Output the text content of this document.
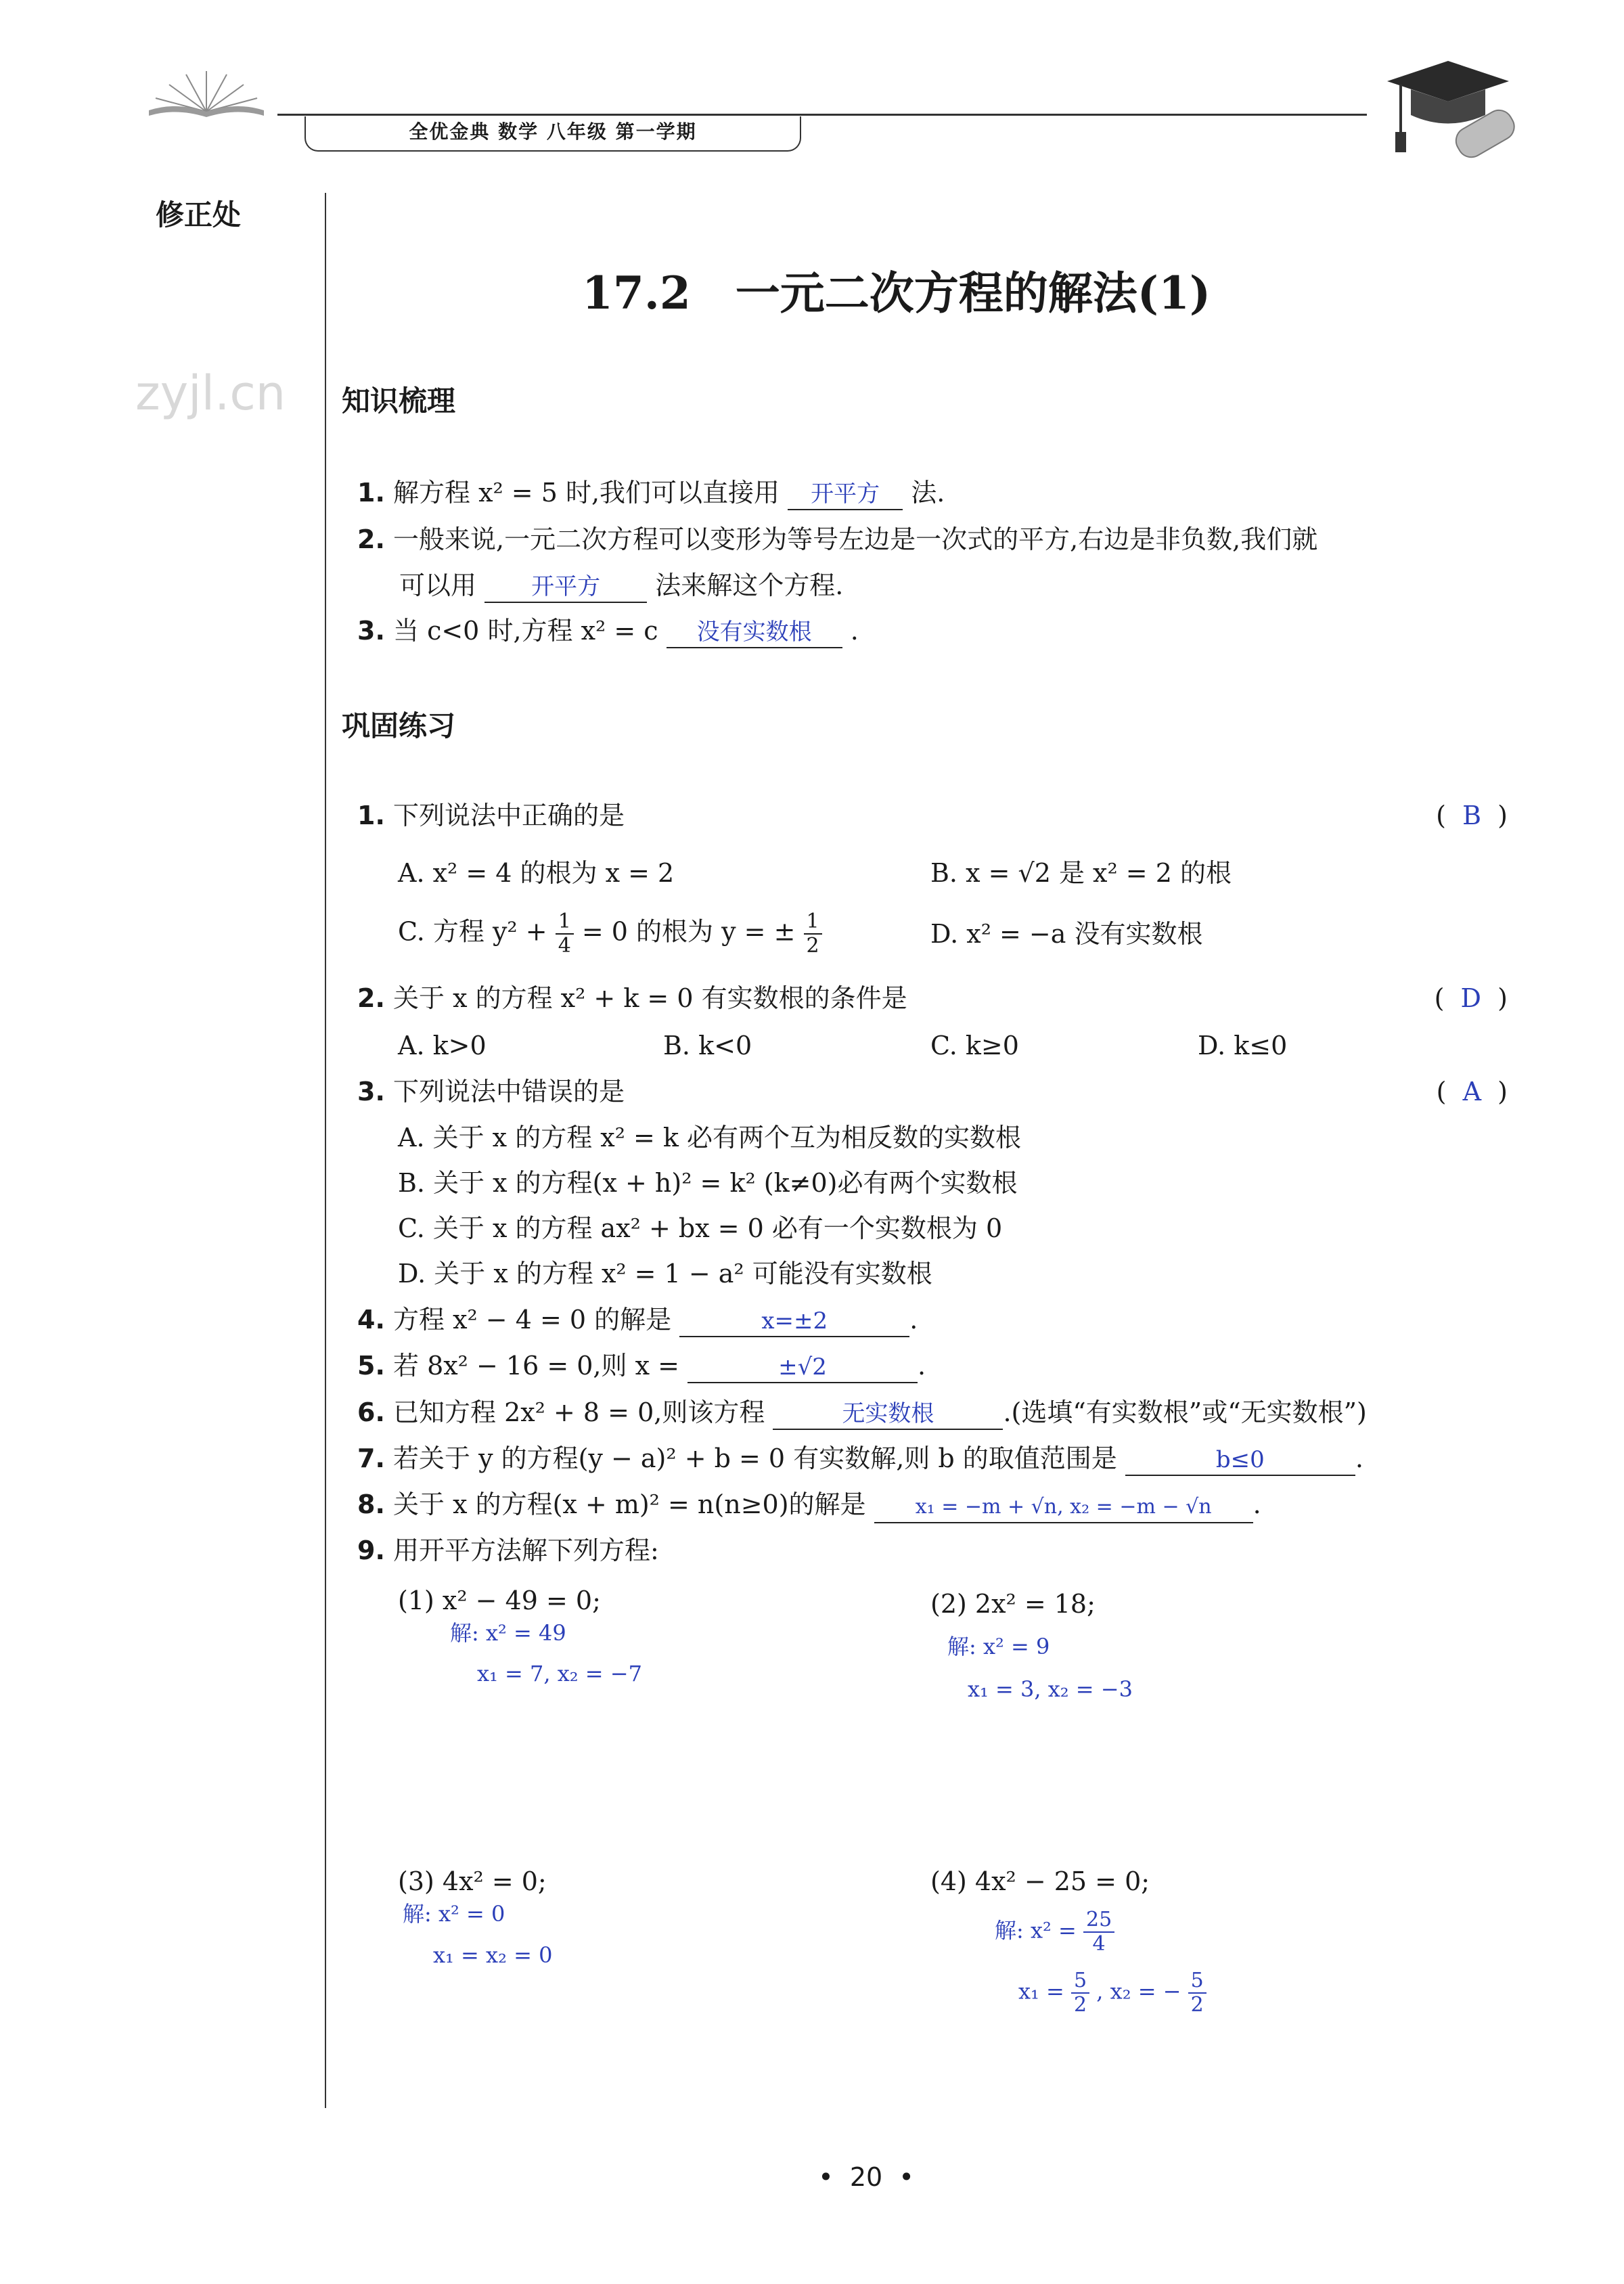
全优金典 数学 八年级 第一学期
修正处
zyjl.cn
17.2　一元二次方程的解法(1)
知识梳理
1. 解方程 x² = 5 时,我们可以直接用 开平方 法.
2. 一般来说,一元二次方程可以变形为等号左边是一次式的平方,右边是非负数,我们就
可以用 开平方 法来解这个方程.
3. 当 c<0 时,方程 x² = c 没有实数根 .
巩固练习
1. 下列说法中正确的是	(  B  )
A. x² = 4 的根为 x = 2	B. x = √2 是 x² = 2 的根
C. 方程 $y^2 + \frac{1}{4} = 0$ 的根为 y = ± $\frac{1}{2}$	D. x² = −a 没有实数根
2. 关于 x 的方程 x² + k = 0 有实数根的条件是	(  D  )
A. k>0	B. k<0	C. k≥0	D. k≤0
3. 下列说法中错误的是	(  A  )
A. 关于 x 的方程 x² = k 必有两个互为相反数的实数根
B. 关于 x 的方程(x + h)² = k² (k≠0)必有两个实数根
C. 关于 x 的方程 ax² + bx = 0 必有一个实数根为 0
D. 关于 x 的方程 x² = 1 − a² 可能没有实数根
4. 方程 x² − 4 = 0 的解是	x=±2	.
5. 若 8x² − 16 = 0,则 x =	±√2	.
6. 已知方程 2x² + 8 = 0,则该方程	无实数根	.(选填“有实数根”或“无实数根”)
7. 若关于 y 的方程(y − a)² + b = 0 有实数解,则 b 的取值范围是	b≤0	.
8. 关于 x 的方程(x + m)² = n(n≥0)的解是 x₁ = −m + √n, x₂ = −m − √n .
9. 用开平方法解下列方程:
(1) x² − 49 = 0;
解: x² = 49
x₁ = 7, x₂ = −7
(2) 2x² = 18;
解: x² = 9
x₁ = 3, x₂ = −3
(3) 4x² = 0;
解: x² = 0
x₁ = x₂ = 0
(4) 4x² − 25 = 0;
解: $x^2 = \frac{25}{4}$
$x_1 = \frac{5}{2}$ , x₂ = − $\frac{5}{2}$
•  20  •
